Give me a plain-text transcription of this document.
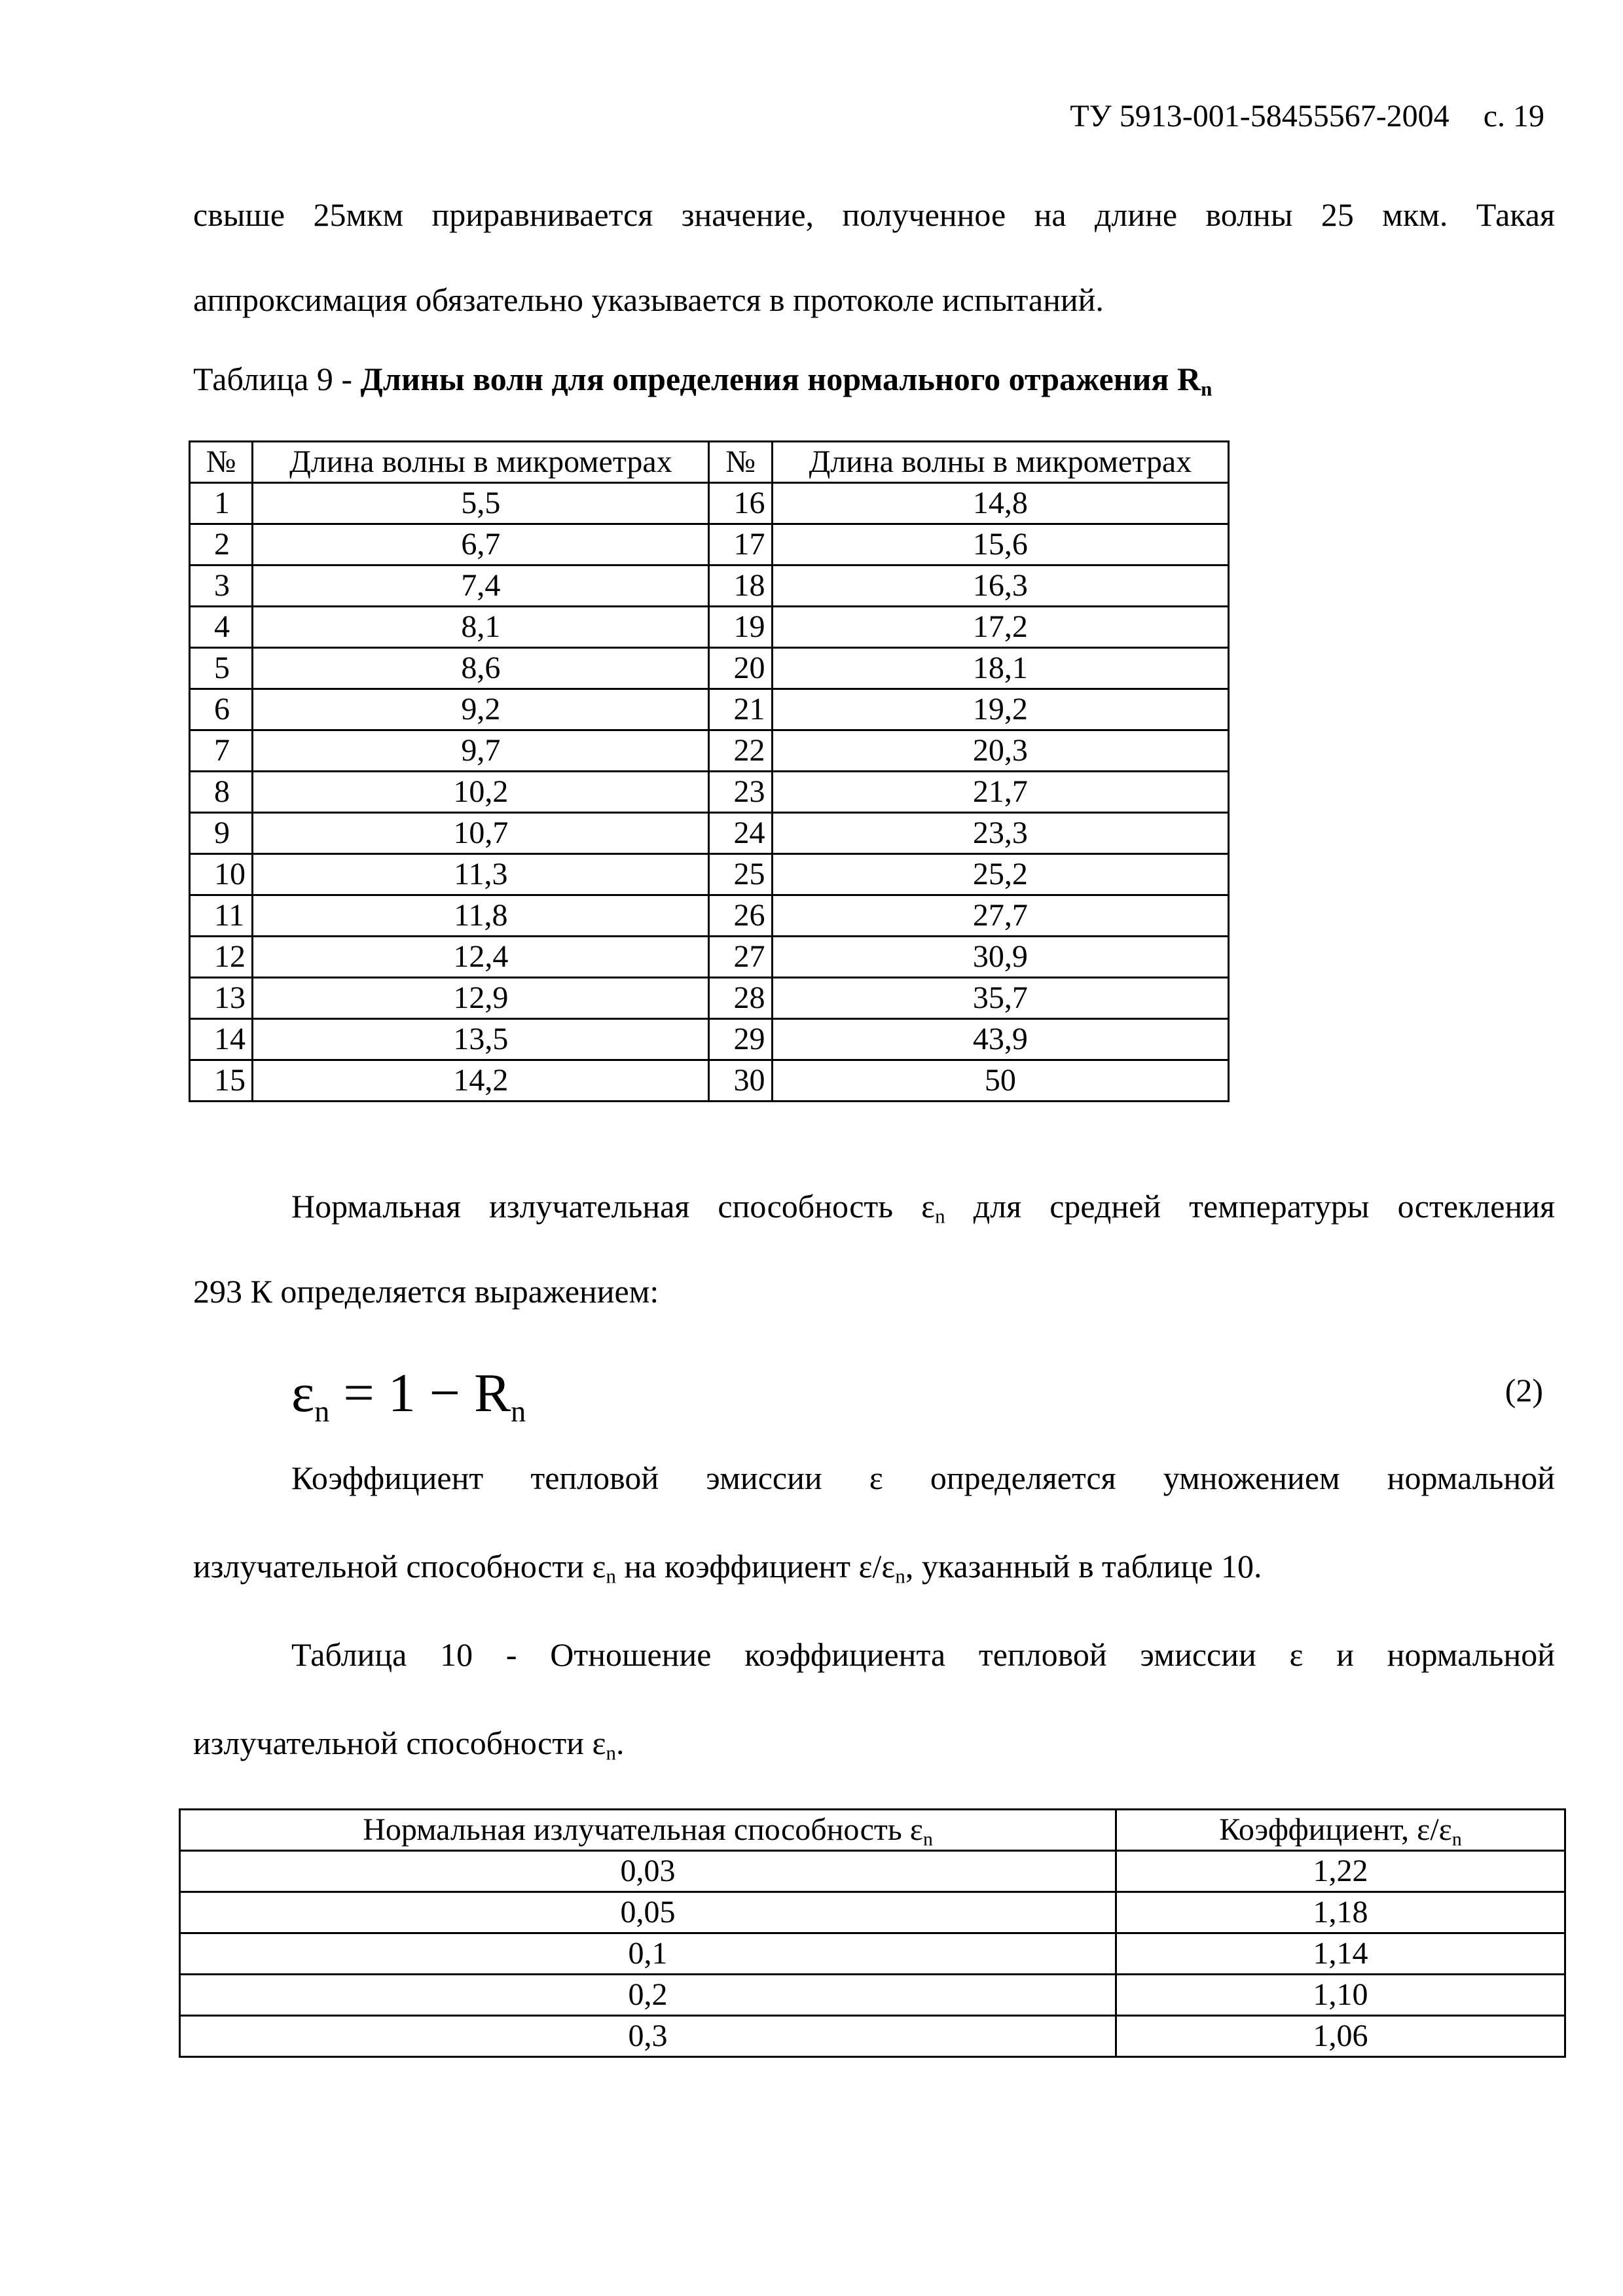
ТУ 5913-001-58455567-2004 с. 19
свыше 25мкм приравнивается значение, полученное на длине волны 25 мкм. Такая
аппроксимация обязательно указывается в протоколе испытаний.
Таблица 9 - Длины волн для определения нормального отражения $R_n$
№	Длина волны в микрометрах	№	Длина волны в микрометрах
1	5,5	16	14,8
2	6,7	17	15,6
3	7,4	18	16,3
4	8,1	19	17,2
5	8,6	20	18,1
6	9,2	21	19,2
7	9,7	22	20,3
8	10,2	23	21,7
9	10,7	24	23,3
10	11,3	25	25,2
11	11,8	26	27,7
12	12,4	27	30,9
13	12,9	28	35,7
14	13,5	29	43,9
15	14,2	30	50
Нормальная излучательная способность $\varepsilon_n$ для средней температуры остекления
293 К определяется выражением:
$\varepsilon_n = 1 - R_n$
(2)
Коэффициент тепловой эмиссии ε определяется умножением нормальной
излучательной способности $\varepsilon_n$ на коэффициент $\varepsilon/\varepsilon_n$, указанный в таблице 10.
Таблица 10 - Отношение коэффициента тепловой эмиссии ε и нормальной
излучательной способности $\varepsilon_n$.
Нормальная излучательная способность $\varepsilon_n$	Коэффициент, $\varepsilon/\varepsilon_n$
0,03	1,22
0,05	1,18
0,1	1,14
0,2	1,10
0,3	1,06
